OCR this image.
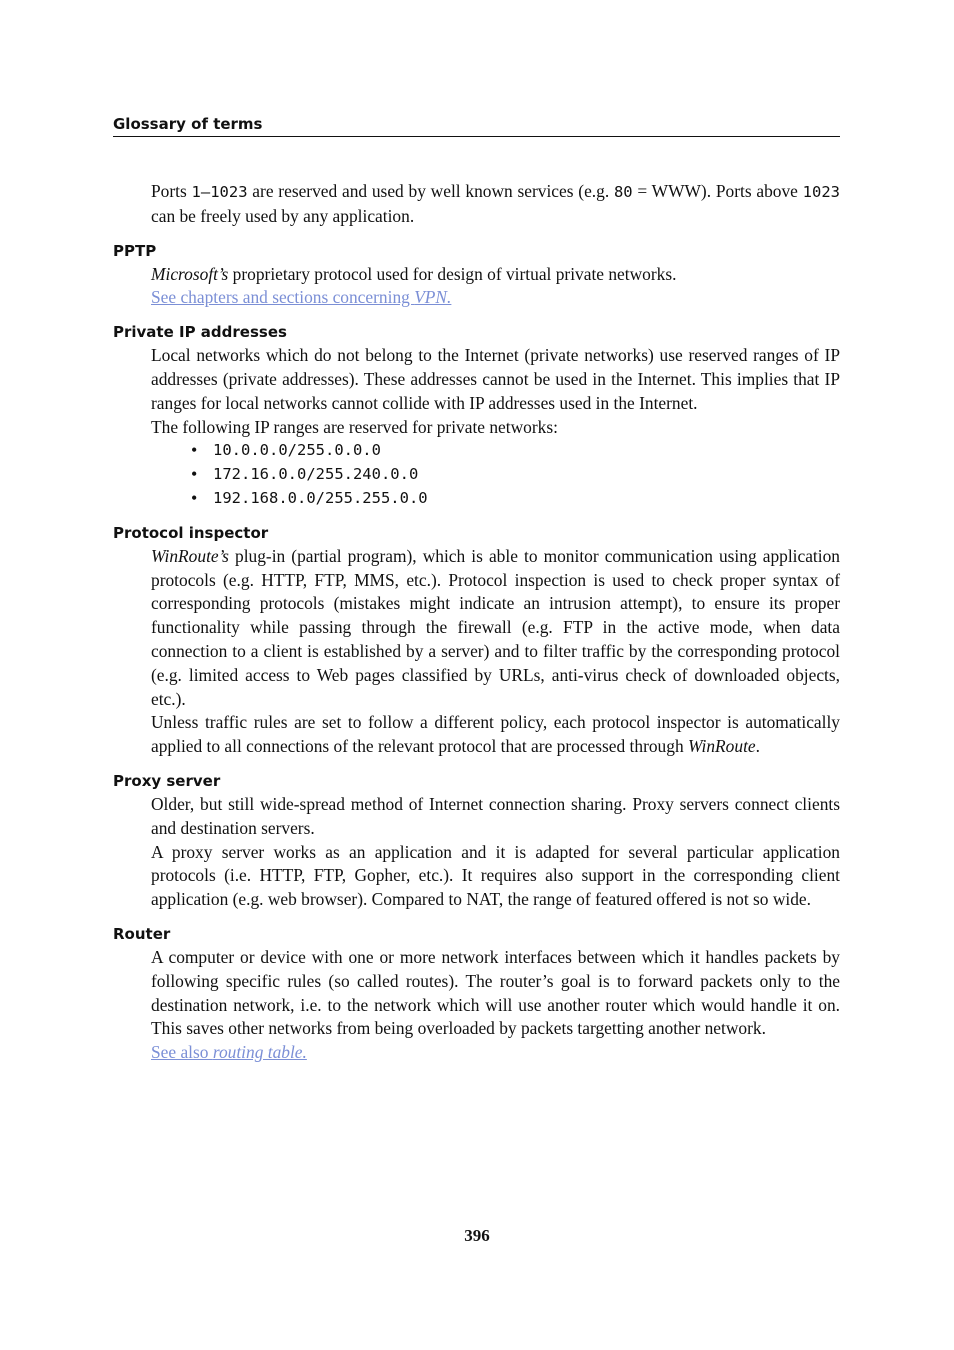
Glossary of terms

Ports 1–1023 are reserved and used by well known services (e.g. 80 = WWW). Ports above 1023 can be freely used by any application.

PPTP

Microsoft’s proprietary protocol used for design of virtual private networks.

See chapters and sections concerning VPN.

Private IP addresses

Local networks which do not belong to the Internet (private networks) use reserved ranges of IP addresses (private addresses). These addresses cannot be used in the Internet. This implies that IP ranges for local networks cannot collide with IP addresses used in the Internet.

The following IP ranges are reserved for private networks:

• 10.0.0.0/255.0.0.0
• 172.16.0.0/255.240.0.0
• 192.168.0.0/255.255.0.0
Protocol inspector

WinRoute’s plug-in (partial program), which is able to monitor communication using application protocols (e.g. HTTP, FTP, MMS, etc.). Protocol inspection is used to check proper syntax of corresponding protocols (mistakes might indicate an intrusion attempt), to ensure its proper functionality while passing through the firewall (e.g. FTP in the active mode, when data connection to a client is established by a server) and to filter traffic by the corresponding protocol (e.g. limited access to Web pages classified by URLs, anti-virus check of downloaded objects, etc.).

Unless traffic rules are set to follow a different policy, each protocol inspector is automatically applied to all connections of the relevant protocol that are processed through WinRoute.

Proxy server

Older, but still wide-spread method of Internet connection sharing. Proxy servers connect clients and destination servers.

A proxy server works as an application and it is adapted for several particular application protocols (i.e. HTTP, FTP, Gopher, etc.). It requires also support in the corresponding client application (e.g. web browser). Compared to NAT, the range of featured offered is not so wide.

Router

A computer or device with one or more network interfaces between which it handles packets by following specific rules (so called routes). The router’s goal is to forward packets only to the destination network, i.e. to the network which will use another router which would handle it on. This saves other networks from being overloaded by packets targetting another network.

See also routing table.

396
